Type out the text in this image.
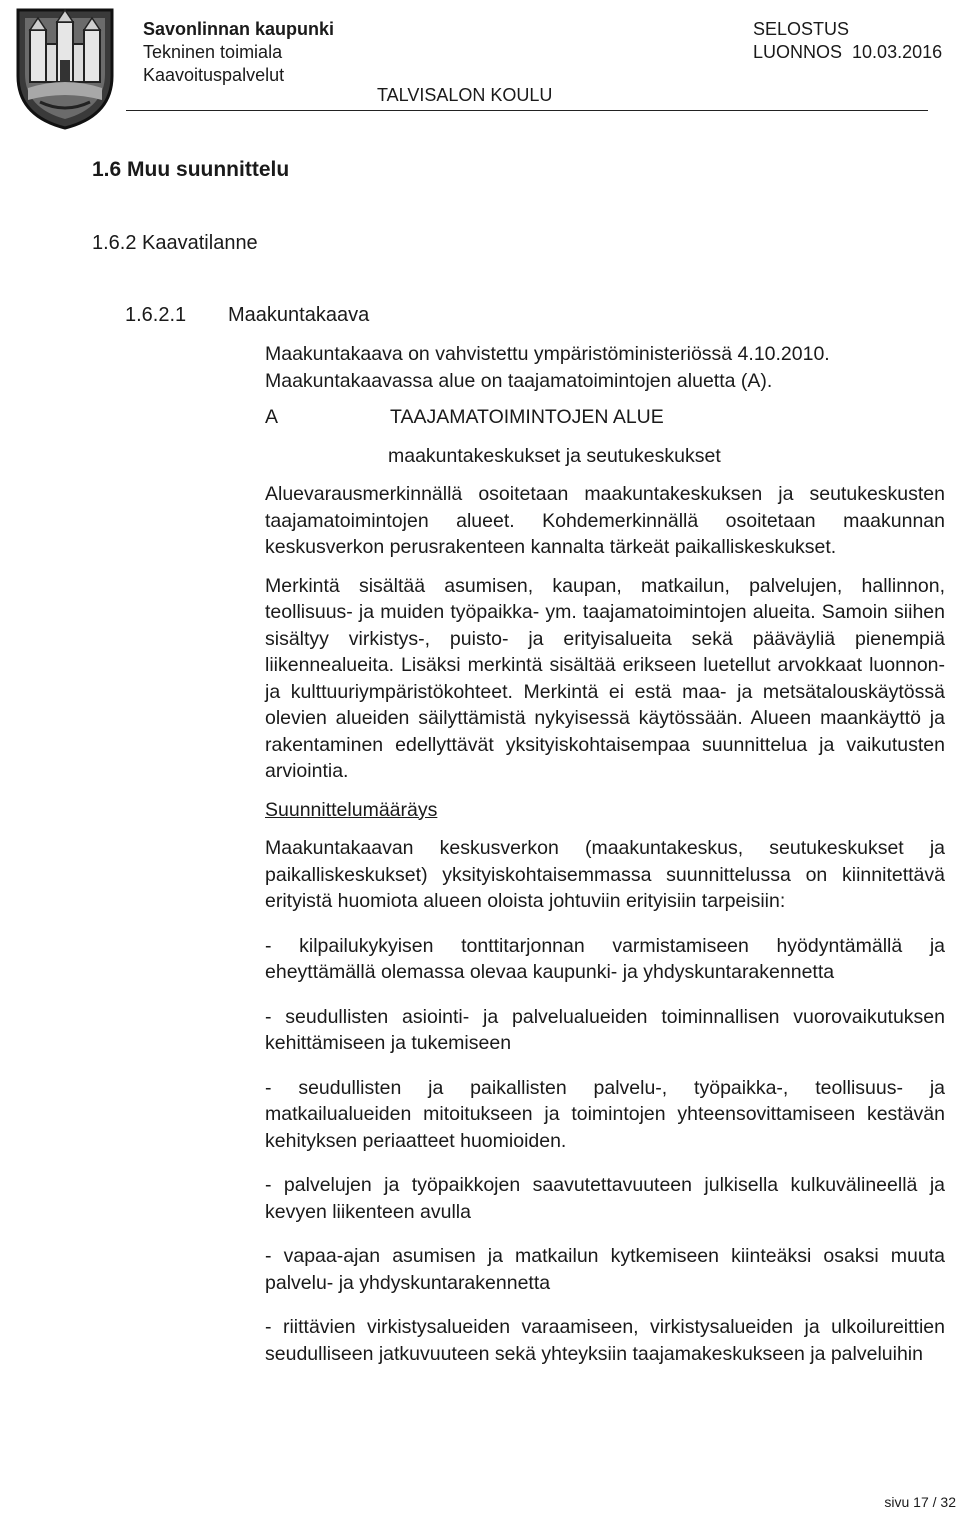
Savonlinnan kaupunki
Tekninen toimiala
Kaavoituspalvelut
SELOSTUS
LUONNOS 10.03.2016
TALVISALON KOULU
1.6 Muu suunnittelu
1.6.2 Kaavatilanne
1.6.2.1 Maakuntakaava

Maakuntakaava on vahvistettu ympäristöministeriössä 4.10.2010.

Maakuntakaavassa alue on taajamatoimintojen aluetta (A).

A	TAAJAMATOIMINTOJEN ALUE

maakuntakeskukset ja seutukeskukset

Aluevarausmerkinnällä osoitetaan maakuntakeskuksen ja seutukeskusten taajamatoimintojen alueet. Kohdemerkinnällä osoitetaan maakunnan keskusverkon perusrakenteen kannalta tärkeät paikalliskeskukset.

Merkintä sisältää asumisen, kaupan, matkailun, palvelujen, hallinnon, teollisuus- ja muiden työpaikka- ym. taajamatoimintojen alueita. Samoin siihen sisältyy virkistys-, puisto- ja erityisalueita sekä pääväyliä pienempiä liikennealueita. Lisäksi merkintä sisältää erikseen luetellut arvokkaat luonnon- ja kulttuuriympäristökohteet. Merkintä ei estä maa- ja metsätalouskäytössä olevien alueiden säilyttämistä nykyisessä käytössään. Alueen maankäyttö ja rakentaminen edellyttävät yksityiskohtaisempaa suunnittelua ja vaikutusten arviointia.

Suunnittelumääräys

Maakuntakaavan keskusverkon (maakuntakeskus, seutukeskukset ja paikalliskeskukset) yksityiskohtaisemmassa suunnittelussa on kiinnitettävä erityistä huomiota alueen oloista johtuviin erityisiin tarpeisiin:

- kilpailukykyisen tonttitarjonnan varmistamiseen hyödyntämällä ja eheyttämällä olemassa olevaa kaupunki- ja yhdyskuntarakennetta

- seudullisten asiointi- ja palvelualueiden toiminnallisen vuorovaikutuksen kehittämiseen ja tukemiseen

- seudullisten ja paikallisten palvelu-, työpaikka-, teollisuus- ja matkailualueiden mitoitukseen ja toimintojen yhteensovittamiseen kestävän kehityksen periaatteet huomioiden.

- palvelujen ja työpaikkojen saavutettavuuteen julkisella kulkuvälineellä ja kevyen liikenteen avulla

- vapaa-ajan asumisen ja matkailun kytkemiseen kiinteäksi osaksi muuta palvelu- ja yhdyskuntarakennetta

- riittävien virkistysalueiden varaamiseen, virkistysalueiden ja ulkoilureittien seudulliseen jatkuvuuteen sekä yhteyksiin taajamakeskukseen ja palveluihin

sivu 17 / 32
